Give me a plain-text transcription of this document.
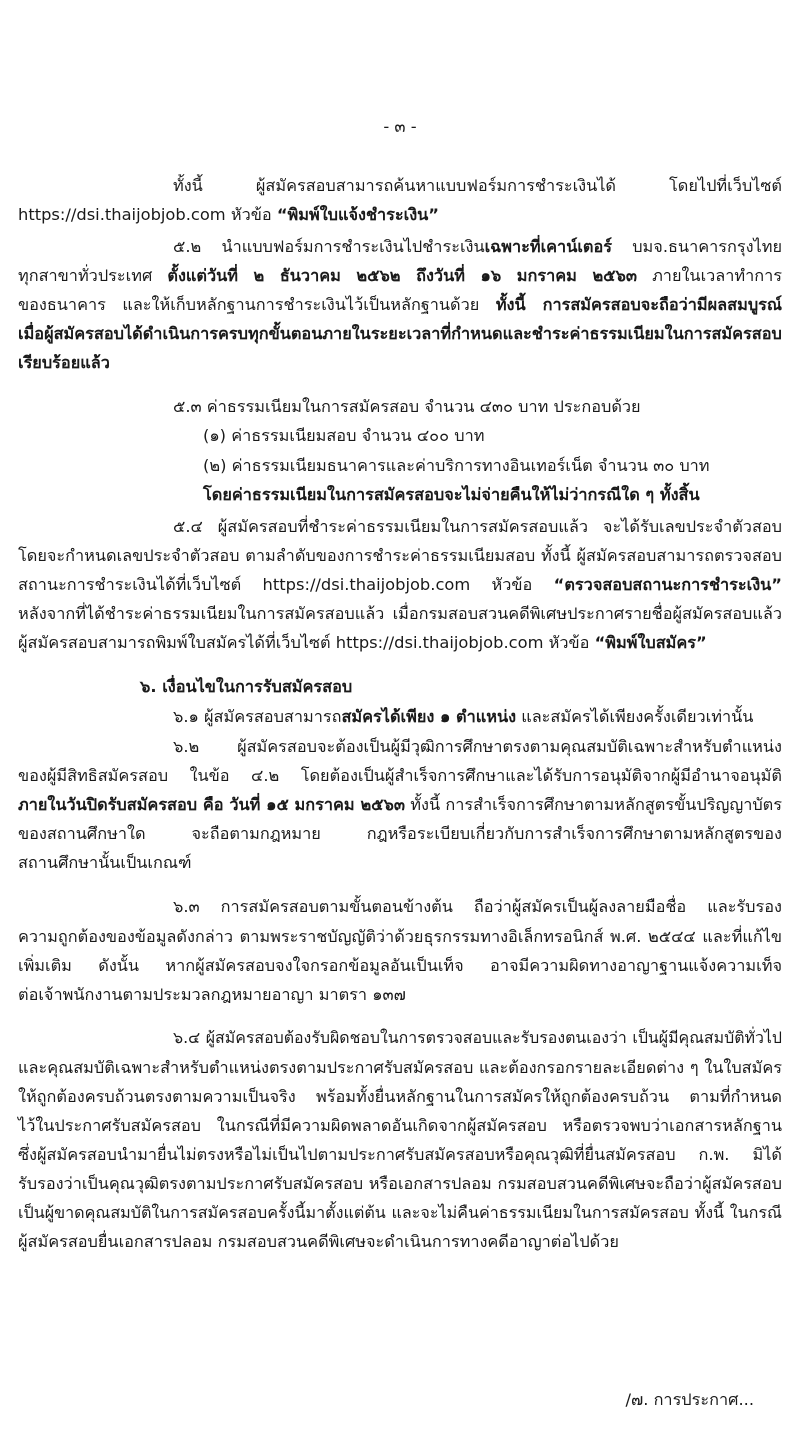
- ๓ -
ทั้งนี้ ผู้สมัครสอบสามารถค้นหาแบบฟอร์มการชำระเงินได้ โดยไปที่เว็บไซต์
https://dsi.thaijobjob.com หัวข้อ “พิมพ์ใบแจ้งชำระเงิน”
๕.๒ นำแบบฟอร์มการชำระเงินไปชำระเงินเฉพาะที่เคาน์เตอร์ บมจ.ธนาคารกรุงไทย
ทุกสาขาทั่วประเทศ ตั้งแต่วันที่ ๒ ธันวาคม ๒๕๖๒ ถึงวันที่ ๑๖ มกราคม ๒๕๖๓ ภายในเวลาทำการ
ของธนาคาร และให้เก็บหลักฐานการชำระเงินไว้เป็นหลักฐานด้วย ทั้งนี้ การสมัครสอบจะถือว่ามีผลสมบูรณ์
เมื่อผู้สมัครสอบได้ดำเนินการครบทุกขั้นตอนภายในระยะเวลาที่กำหนดและชำระค่าธรรมเนียมในการสมัครสอบ
เรียบร้อยแล้ว
๕.๓ ค่าธรรมเนียมในการสมัครสอบ จำนวน ๔๓๐ บาท ประกอบด้วย
(๑) ค่าธรรมเนียมสอบ จำนวน ๔๐๐ บาท
(๒) ค่าธรรมเนียมธนาคารและค่าบริการทางอินเทอร์เน็ต จำนวน ๓๐ บาท
โดยค่าธรรมเนียมในการสมัครสอบจะไม่จ่ายคืนให้ไม่ว่ากรณีใด ๆ ทั้งสิ้น
๕.๔ ผู้สมัครสอบที่ชำระค่าธรรมเนียมในการสมัครสอบแล้ว จะได้รับเลขประจำตัวสอบ
โดยจะกำหนดเลขประจำตัวสอบ ตามลำดับของการชำระค่าธรรมเนียมสอบ ทั้งนี้ ผู้สมัครสอบสามารถตรวจสอบ
สถานะการชำระเงินได้ที่เว็บไซต์ https://dsi.thaijobjob.com หัวข้อ “ตรวจสอบสถานะการชำระเงิน”
หลังจากที่ได้ชำระค่าธรรมเนียมในการสมัครสอบแล้ว เมื่อกรมสอบสวนคดีพิเศษประกาศรายชื่อผู้สมัครสอบแล้ว
ผู้สมัครสอบสามารถพิมพ์ใบสมัครได้ที่เว็บไซต์ https://dsi.thaijobjob.com หัวข้อ “พิมพ์ใบสมัคร”
๖. เงื่อนไขในการรับสมัครสอบ
๖.๑ ผู้สมัครสอบสามารถสมัครได้เพียง ๑ ตำแหน่ง และสมัครได้เพียงครั้งเดียวเท่านั้น
๖.๒ ผู้สมัครสอบจะต้องเป็นผู้มีวุฒิการศึกษาตรงตามคุณสมบัติเฉพาะสำหรับตำแหน่ง
ของผู้มีสิทธิสมัครสอบ ในข้อ ๔.๒ โดยต้องเป็นผู้สำเร็จการศึกษาและได้รับการอนุมัติจากผู้มีอำนาจอนุมัติ
ภายในวันปิดรับสมัครสอบ คือ วันที่ ๑๕ มกราคม ๒๕๖๓ ทั้งนี้ การสำเร็จการศึกษาตามหลักสูตรขั้นปริญญาบัตร
ของสถานศึกษาใด จะถือตามกฎหมาย กฎหรือระเบียบเกี่ยวกับการสำเร็จการศึกษาตามหลักสูตรของ
สถานศึกษานั้นเป็นเกณฑ์
๖.๓ การสมัครสอบตามขั้นตอนข้างต้น ถือว่าผู้สมัครเป็นผู้ลงลายมือชื่อ และรับรอง
ความถูกต้องของข้อมูลดังกล่าว ตามพระราชบัญญัติว่าด้วยธุรกรรมทางอิเล็กทรอนิกส์ พ.ศ. ๒๕๔๔ และที่แก้ไข
เพิ่มเติม ดังนั้น หากผู้สมัครสอบจงใจกรอกข้อมูลอันเป็นเท็จ อาจมีความผิดทางอาญาฐานแจ้งความเท็จ
ต่อเจ้าพนักงานตามประมวลกฎหมายอาญา มาตรา ๑๓๗
๖.๔ ผู้สมัครสอบต้องรับผิดชอบในการตรวจสอบและรับรองตนเองว่า เป็นผู้มีคุณสมบัติทั่วไป
และคุณสมบัติเฉพาะสำหรับตำแหน่งตรงตามประกาศรับสมัครสอบ และต้องกรอกรายละเอียดต่าง ๆ ในใบสมัคร
ให้ถูกต้องครบถ้วนตรงตามความเป็นจริง พร้อมทั้งยื่นหลักฐานในการสมัครให้ถูกต้องครบถ้วน ตามที่กำหนด
ไว้ในประกาศรับสมัครสอบ ในกรณีที่มีความผิดพลาดอันเกิดจากผู้สมัครสอบ หรือตรวจพบว่าเอกสารหลักฐาน
ซึ่งผู้สมัครสอบนำมายื่นไม่ตรงหรือไม่เป็นไปตามประกาศรับสมัครสอบหรือคุณวุฒิที่ยื่นสมัครสอบ ก.พ. มิได้
รับรองว่าเป็นคุณวุฒิตรงตามประกาศรับสมัครสอบ หรือเอกสารปลอม กรมสอบสวนคดีพิเศษจะถือว่าผู้สมัครสอบ
เป็นผู้ขาดคุณสมบัติในการสมัครสอบครั้งนี้มาตั้งแต่ต้น และจะไม่คืนค่าธรรมเนียมในการสมัครสอบ ทั้งนี้ ในกรณี
ผู้สมัครสอบยื่นเอกสารปลอม กรมสอบสวนคดีพิเศษจะดำเนินการทางคดีอาญาต่อไปด้วย
/๗. การประกาศ...
